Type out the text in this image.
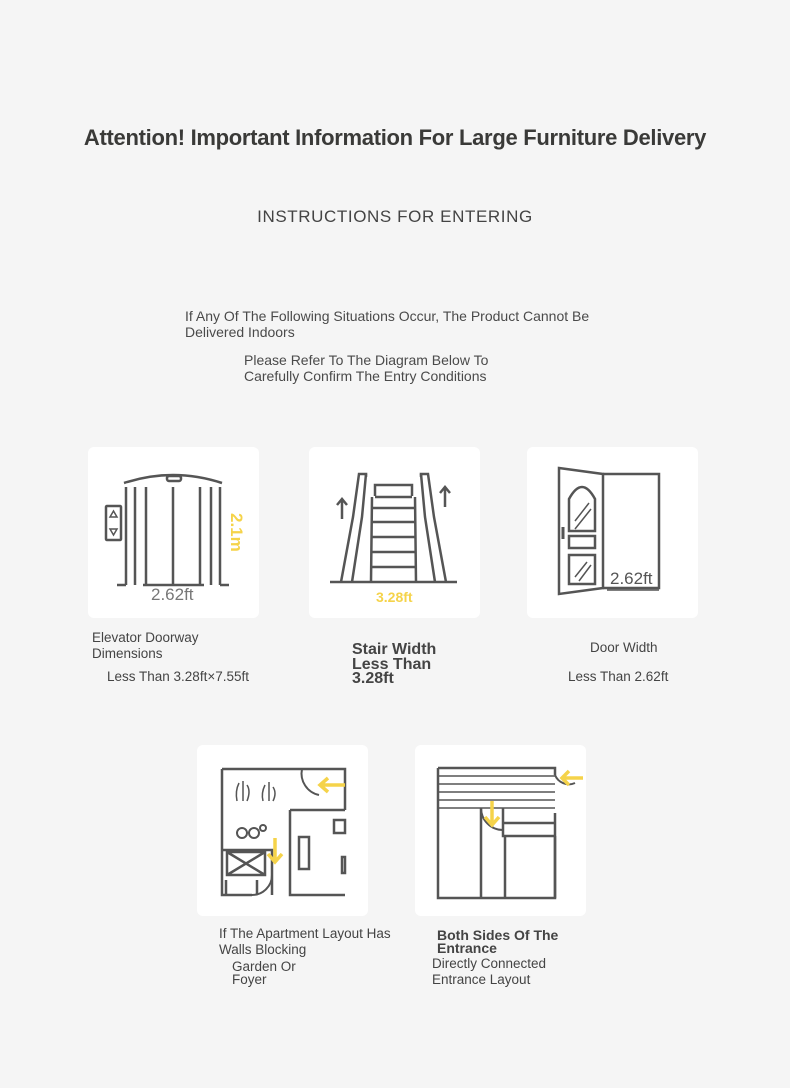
Attention! Important Information For Large Furniture Delivery
INSTRUCTIONS FOR ENTERING
If Any Of The Following Situations Occur, The Product Cannot Be
Delivered Indoors
Please Refer To The Diagram Below To
Carefully Confirm The Entry Conditions
2.1m
2.62ft
Elevator Doorway
Dimensions
Less Than 3.28ft×7.55ft
3.28ft
Stair Width
Less Than
3.28ft
2.62ft
Door Width
Less Than 2.62ft
If The Apartment Layout Has
Walls Blocking
Garden Or
Foyer
Both Sides Of The
Entrance
Directly Connected
Entrance Layout
